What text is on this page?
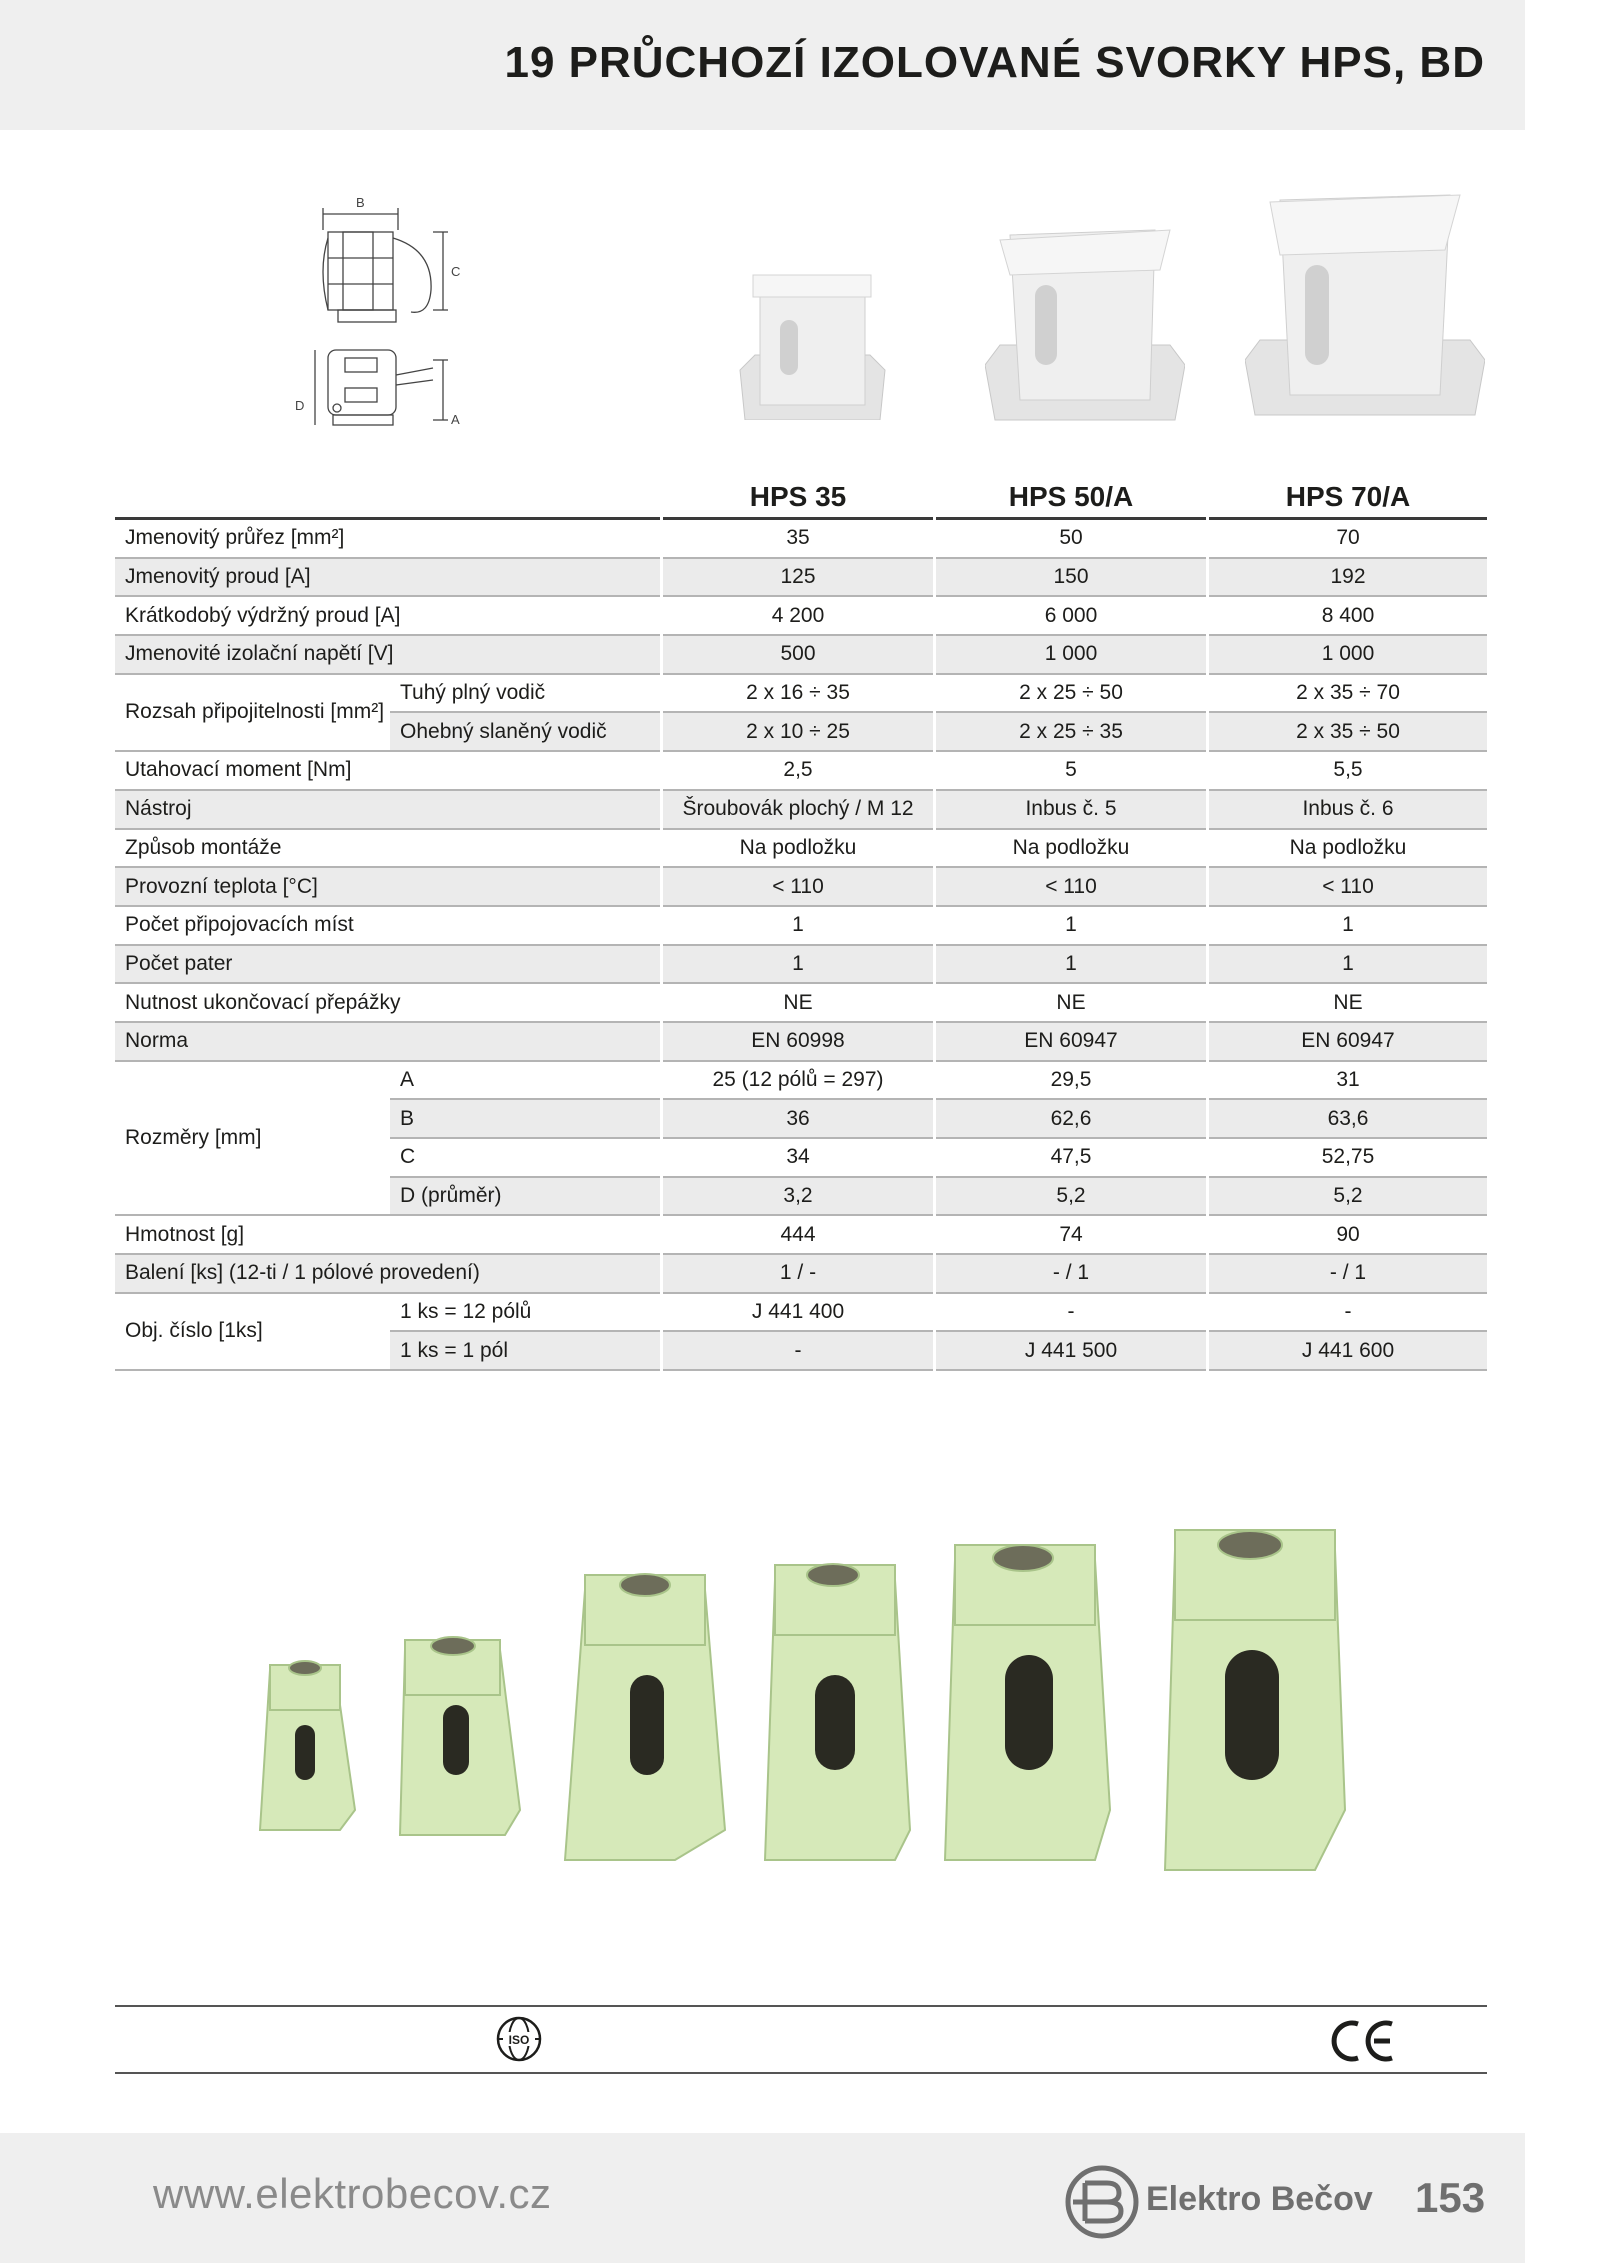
19 PRŮCHOZÍ IZOLOVANÉ SVORKY HPS, BD
B
C
D
A
			HPS 35		HPS 50/A		HPS 70/A
Jmenovitý průřez [mm²]			35		50		70
Jmenovitý proud [A]			125		150		192
Krátkodobý výdržný proud [A]			4 200		6 000		8 400
Jmenovité izolační napětí [V]			500		1 000		1 000
Rozsah připojitelnosti [mm²]	Tuhý plný vodič		2 x 16 ÷ 35		2 x 25 ÷ 50		2 x 35 ÷ 70
	Ohebný slaněný vodič		2 x 10 ÷ 25		2 x 25 ÷ 35		2 x 35 ÷ 50
Utahovací moment [Nm]			2,5		5		5,5
Nástroj			Šroubovák plochý / M 12		Inbus č. 5		Inbus č. 6
Způsob montáže			Na podložku		Na podložku		Na podložku
Provozní teplota [°C]			< 110		< 110		< 110
Počet připojovacích míst			1		1		1
Počet pater			1		1		1
Nutnost ukončovací přepážky			NE		NE		NE
Norma			EN 60998		EN 60947		EN 60947
Rozměry [mm]	A		25 (12 pólů = 297)		29,5		31
	B		36		62,6		63,6
	C		34		47,5		52,75
	D (průměr)		3,2		5,2		5,2
Hmotnost [g]			444		74		90
Balení [ks] (12-ti / 1 pólové provedení)			1 / -		- / 1		- / 1
Obj. číslo [1ks]	1 ks = 12 pólů		J 441 400		-		-
	1 ks = 1 pól		-		J 441 500		J 441 600
ISO
www.elektrobecov.cz	Elektro Bečov 153
